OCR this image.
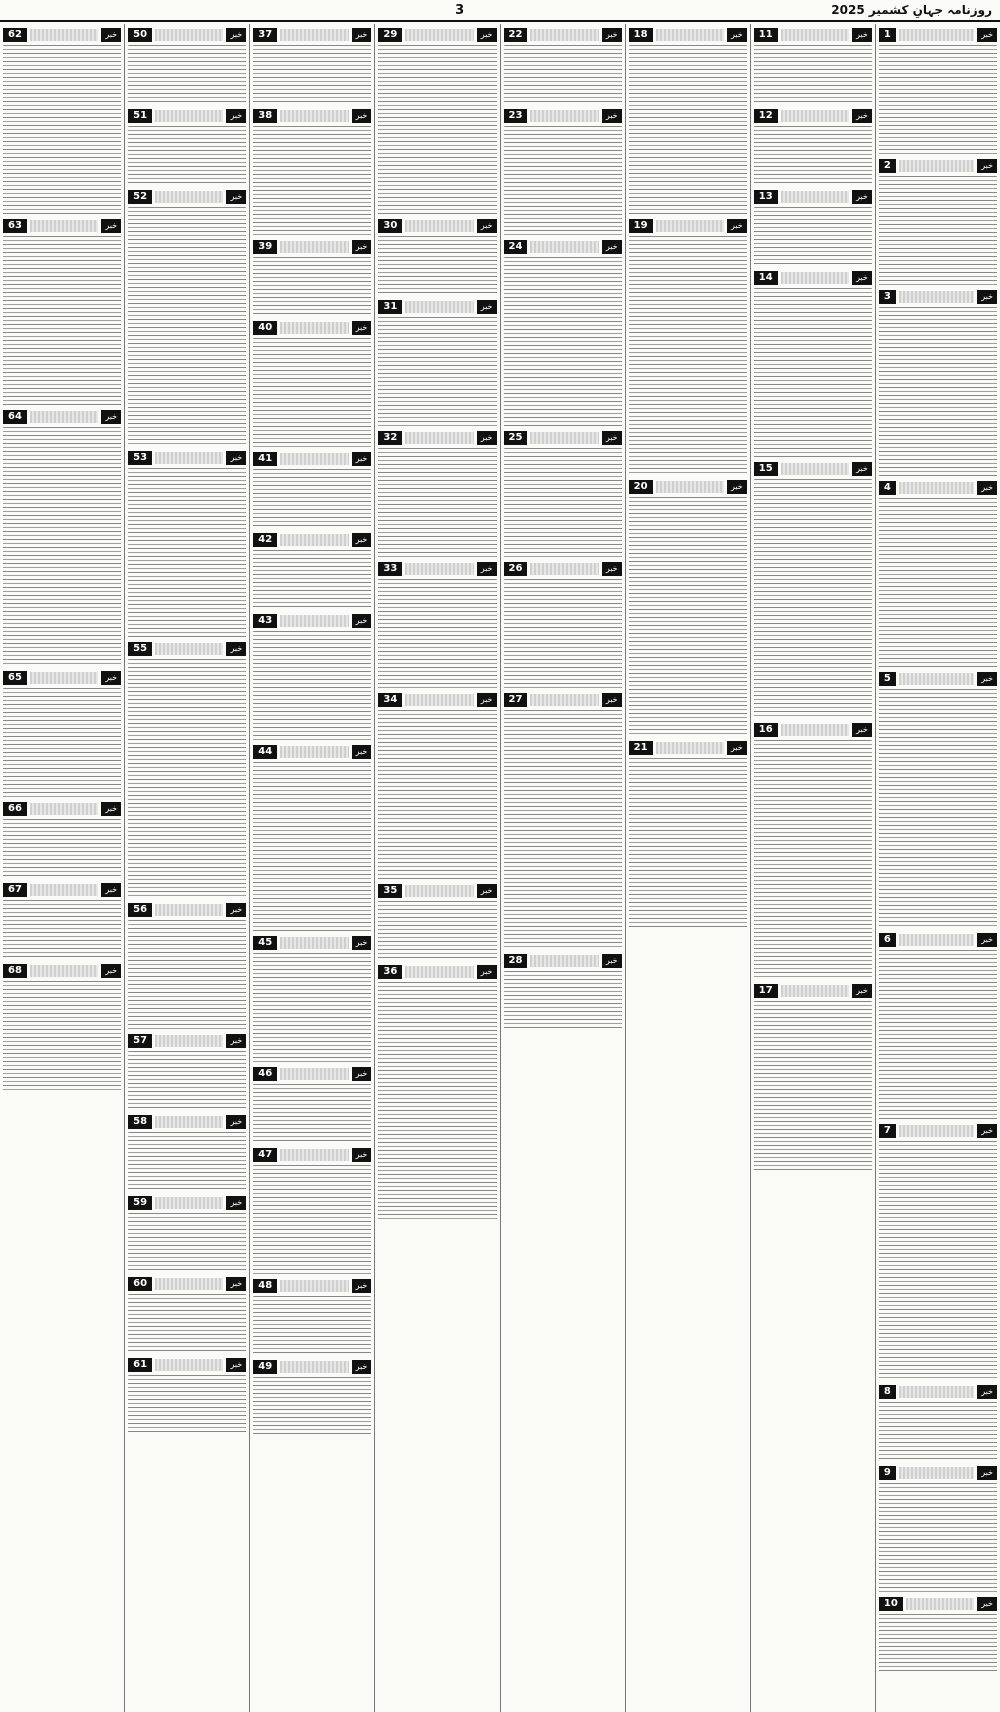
روزنامہ جہانِ کشمیر 2025
3
خبر
1
خبر
2
خبر
3
خبر
4
خبر
5
خبر
6
خبر
7
خبر
8
خبر
9
خبر
10
خبر
11
خبر
12
خبر
13
خبر
14
خبر
15
خبر
16
خبر
17
خبر
18
خبر
19
خبر
20
خبر
21
خبر
22
خبر
23
خبر
24
خبر
25
خبر
26
خبر
27
خبر
28
خبر
29
خبر
30
خبر
31
خبر
32
خبر
33
خبر
34
خبر
35
خبر
36
خبر
37
خبر
38
خبر
39
خبر
40
خبر
41
خبر
42
خبر
43
خبر
44
خبر
45
خبر
46
خبر
47
خبر
48
خبر
49
خبر
50
خبر
51
خبر
52
خبر
53
خبر
55
خبر
56
خبر
57
خبر
58
خبر
59
خبر
60
خبر
61
خبر
62
خبر
63
خبر
64
خبر
65
خبر
66
خبر
67
خبر
68
